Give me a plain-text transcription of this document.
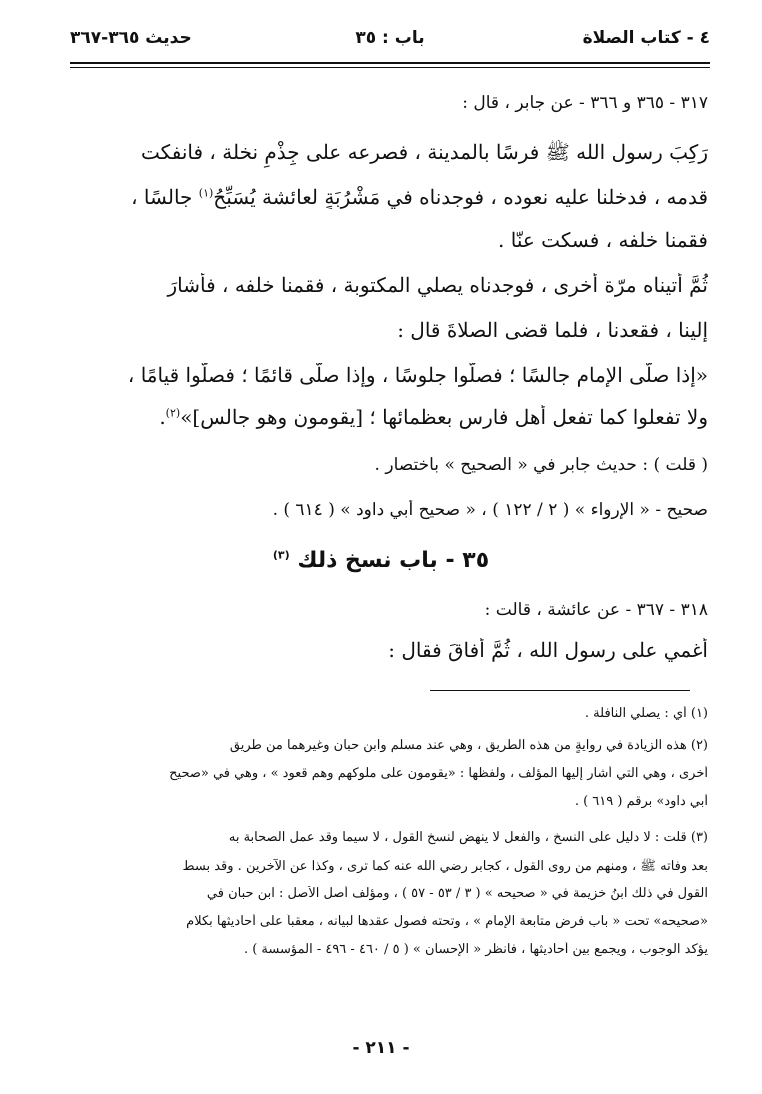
٤ - كتاب الصلاة
باب : ٣٥
حديث ٣٦٥-٣٦٧
٣١٧ - ٣٦٥ و ٣٦٦ - عن جابر ، قال :
رَكِبَ رسول الله ﷺ فرسًا بالمدينة ، فصرعه على جِذْمِ نخلة ، فانفكت
قدمه ، فدخلنا عليه نعوده ، فوجدناه في مَشْرُبَةٍ لعائشة يُسَبِّحُ$^{(١)}$ جالسًا ،
فقمنا خلفه ، فسكت عنّا .
ثُمَّ أتيناه مرّة أخرى ، فوجدناه يصلي المكتوبة ، فقمنا خلفه ، فأشارَ
إلينا ، فقعدنا ، فلما قضى الصلاةَ قال :
«إذا صلّى الإمام جالسًا ؛ فصلّوا جلوسًا ، وإذا صلّى قائمًا ؛ فصلّوا قيامًا ،
ولا تفعلوا كما تفعل أهل فارس بعظمائها ؛ [يقومون وهو جالس]»$^{(٢)}$.
( قلت ) : حديث جابر في « الصحيح » باختصار .
صحيح - « الإرواء » ( ٢ / ١٢٢ ) ، « صحيح أبي داود » ( ٦١٤ ) .
٣١٨ - ٣٦٧ - عن عائشة ، قالت :
أُغمي على رسول الله ، ثُمَّ أفاقَ فقال :
٣٥ - باب نسخ ذلك $^{(٣)}$
(١) أي : يصلي النافلة .
(٢) هذه الزيادة في روايةٍ من هذه الطريق ، وهي عند مسلم وابن حبان وغيرهما من طريق
أخرى ، وهي التي أشار إليها المؤلف ، ولفظها : «يقومون على ملوكهم وهم قعود » ، وهي في «صحيح
أبي داود» برقم ( ٦١٩ ) .
(٣) قلت : لا دليل على النسخ ، والفعل لا ينهض لنسخ القول ، لا سيما وقد عمل الصحابة به
بعد وفاته ﷺ ، ومنهم من روى القول ، كجابر رضي الله عنه كما ترى ، وكذا عن الآخرين . وقد بسط
القول في ذلك ابنُ خزيمة في « صحيحه » ( ٣ / ٥٣ - ٥٧ ) ، ومؤلف أصل الأصل : ابن حبان في
«صحيحه» تحت « باب فرض متابعة الإمام » ، وتحته فصول عقدها لبيانه ، معقباً على أحاديثها بكلام
يؤكد الوجوب ، ويجمع بين أحاديثها ، فانظر « الإحسان » ( ٥ / ٤٦٠ - ٤٩٦ - المؤسسة ) .
- ٢١١ -
